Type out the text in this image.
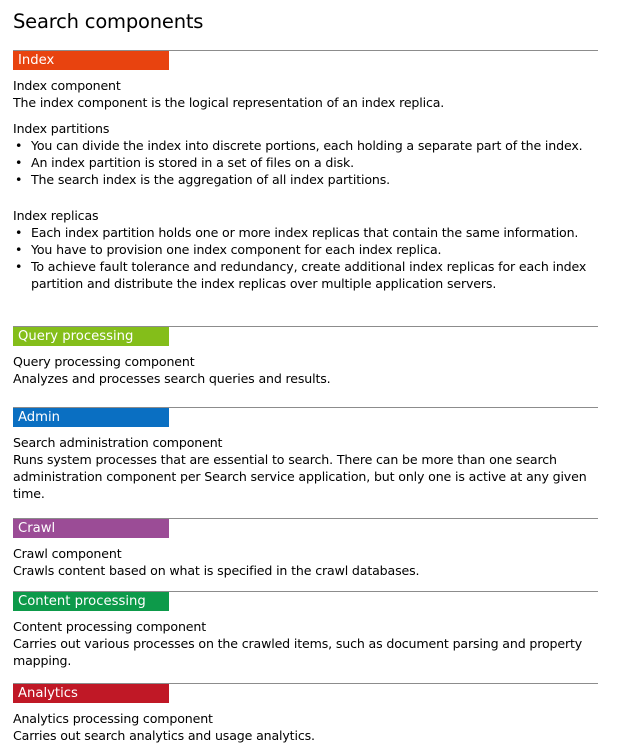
Search components
Index
Index component
The index component is the logical representation of an index replica.
Index partitions
• You can divide the index into discrete portions, each holding a separate part of the index.
• An index partition is stored in a set of files on a disk.
• The search index is the aggregation of all index partitions.
Index replicas
• Each index partition holds one or more index replicas that contain the same information.
• You have to provision one index component for each index replica.
• To achieve fault tolerance and redundancy, create additional index replicas for each index partition and distribute the index replicas over multiple application servers.
Query processing
Query processing component
Analyzes and processes search queries and results.
Admin
Search administration component
Runs system processes that are essential to search. There can be more than one search administration component per Search service application, but only one is active at any given time.
Crawl
Crawl component
Crawls content based on what is specified in the crawl databases.
Content processing
Content processing component
Carries out various processes on the crawled items, such as document parsing and property mapping.
Analytics
Analytics processing component
Carries out search analytics and usage analytics.
